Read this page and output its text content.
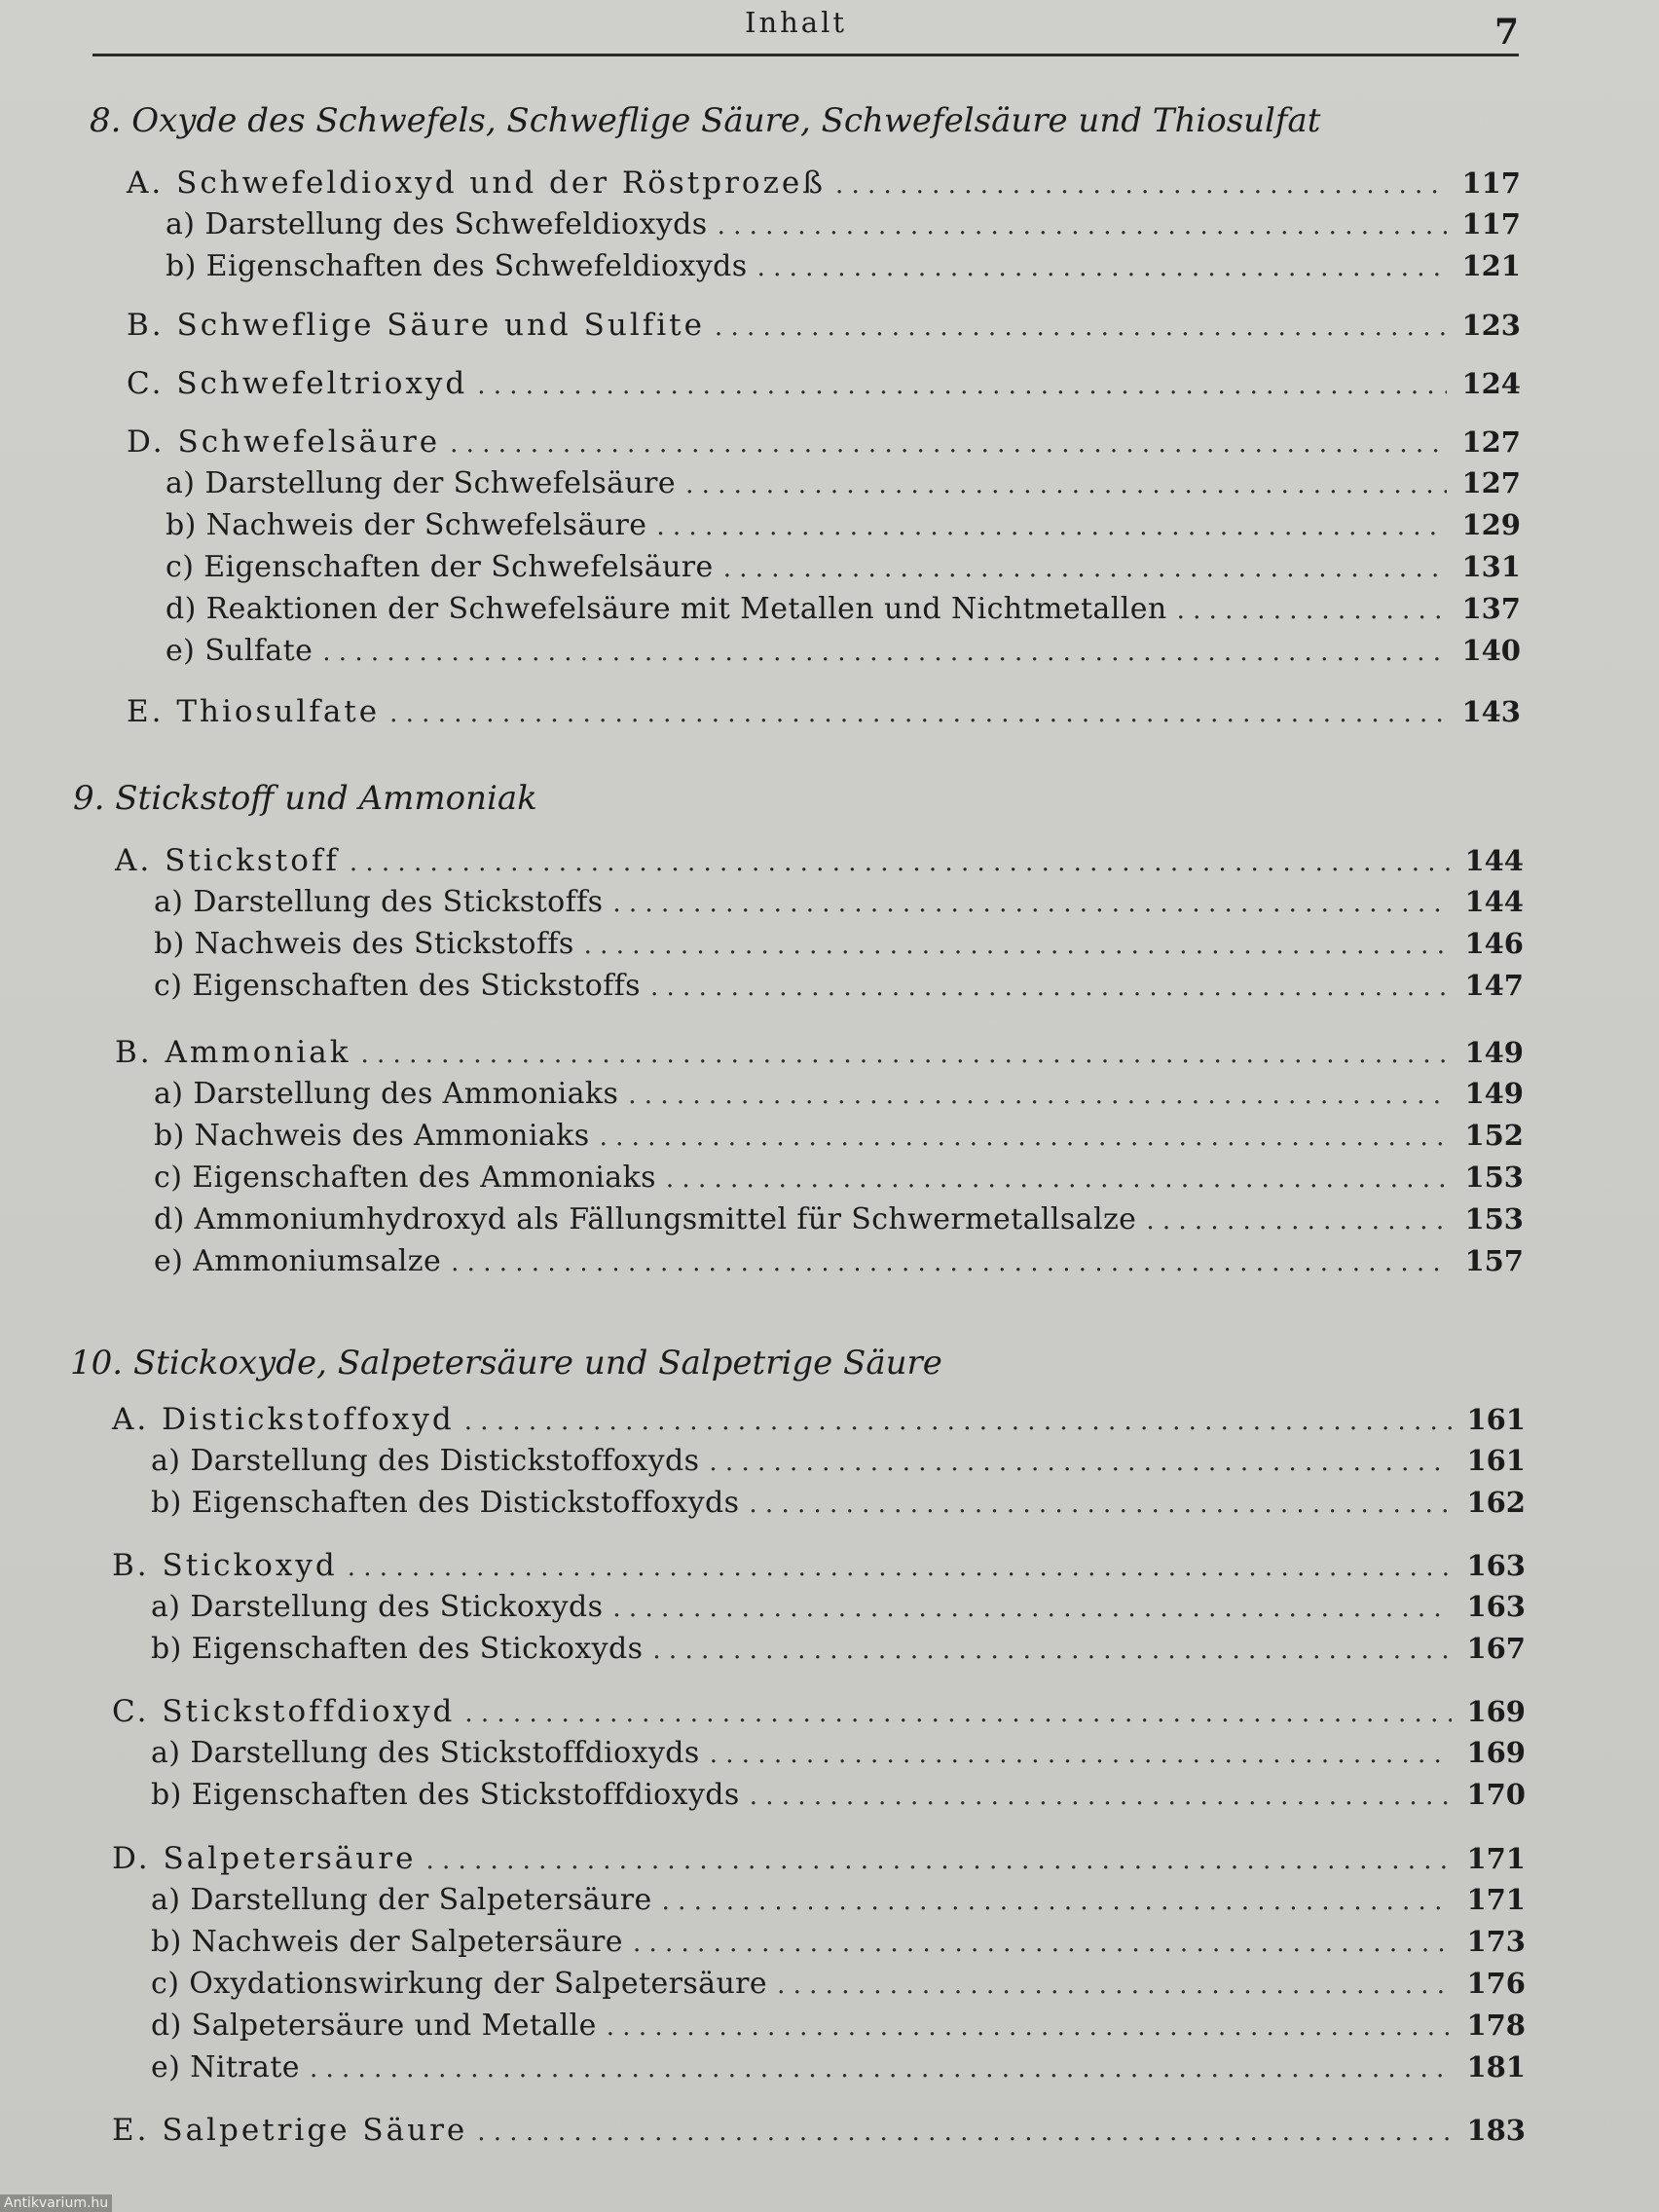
Inhalt	7
8. Oxyde des Schwefels, Schweflige Säure, Schwefelsäure und Thiosulfat
A. Schwefeldioxyd und der Röstprozeß . . .	117
a) Darstellung des Schwefeldioxyds . . .	117
b) Eigenschaften des Schwefeldioxyds . . .	121
B. Schweflige Säure und Sulfite . . .	123
C. Schwefeltrioxyd . . .	124
D. Schwefelsäure . . .	127
a) Darstellung der Schwefelsäure . . .	127
b) Nachweis der Schwefelsäure . . .	129
c) Eigenschaften der Schwefelsäure . . .	131
d) Reaktionen der Schwefelsäure mit Metallen und Nichtmetallen . . .	137
e) Sulfate . . .	140
E. Thiosulfate . . .	143
9. Stickstoff und Ammoniak
A. Stickstoff . . .	144
a) Darstellung des Stickstoffs . . .	144
b) Nachweis des Stickstoffs . . .	146
c) Eigenschaften des Stickstoffs . . .	147
B. Ammoniak . . .	149
a) Darstellung des Ammoniaks . . .	149
b) Nachweis des Ammoniaks . . .	152
c) Eigenschaften des Ammoniaks . . .	153
d) Ammoniumhydroxyd als Fällungsmittel für Schwermetallsalze . . .	153
e) Ammoniumsalze . . .	157
10. Stickoxyde, Salpetersäure und Salpetrige Säure
A. Distickstoffoxyd . . .	161
a) Darstellung des Distickstoffoxyds . . .	161
b) Eigenschaften des Distickstoffoxyds . . .	162
B. Stickoxyd . . .	163
a) Darstellung des Stickoxyds . . .	163
b) Eigenschaften des Stickoxyds . . .	167
C. Stickstoffdioxyd . . .	169
a) Darstellung des Stickstoffdioxyds . . .	169
b) Eigenschaften des Stickstoffdioxyds . . .	170
D. Salpetersäure . . .	171
a) Darstellung der Salpetersäure . . .	171
b) Nachweis der Salpetersäure . . .	173
c) Oxydationswirkung der Salpetersäure . . .	176
d) Salpetersäure und Metalle . . .	178
e) Nitrate . . .	181
E. Salpetrige Säure . . .	183
Antikvarium.hu
